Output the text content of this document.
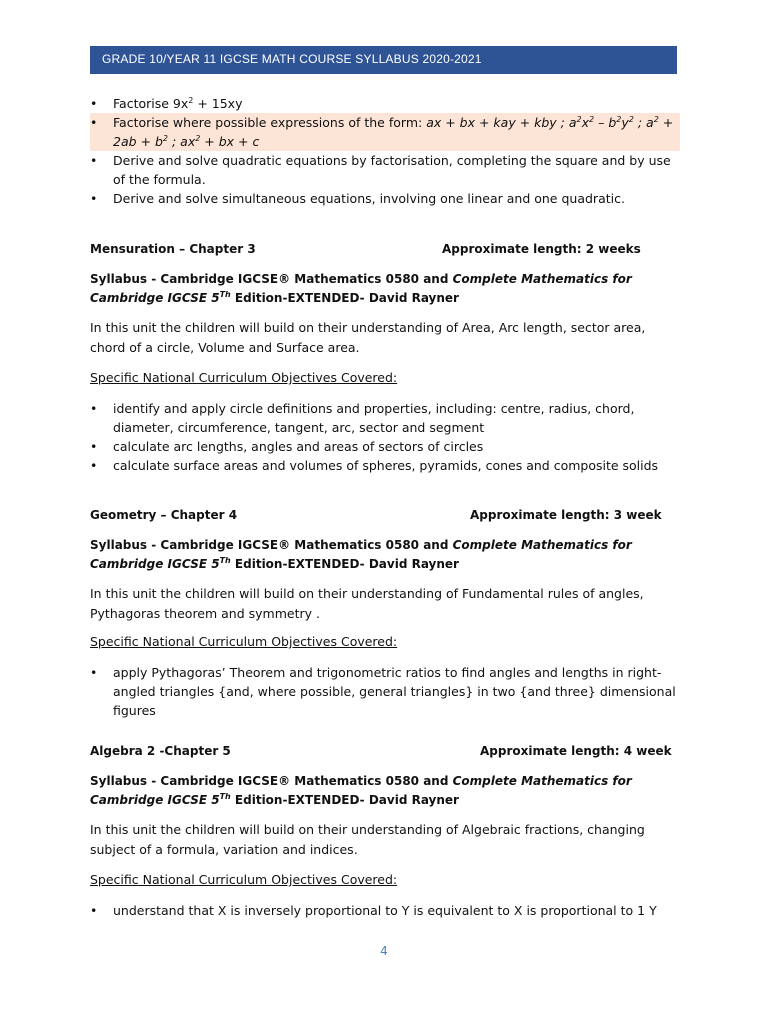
GRADE 10/YEAR 11 IGCSE MATH COURSE SYLLABUS 2020-2021
• Factorise $9x^2 + 15xy$
• Factorise where possible expressions of the form: ax + bx + kay + kby ; $a^2x^2 - b^2y^2$ ; $a^2 + 2ab + b^2$ ; $ax^2$ + bx + c
• Derive and solve quadratic equations by factorisation, completing the square and by use of the formula.
• Derive and solve simultaneous equations, involving one linear and one quadratic.
Mensuration – Chapter 3	Approximate length: 2 weeks
Syllabus - Cambridge IGCSE® Mathematics 0580 and Complete Mathematics for Cambridge IGCSE 5Th Edition-EXTENDED- David Rayner
In this unit the children will build on their understanding of Area, Arc length, sector area, chord of a circle, Volume and Surface area.
Specific National Curriculum Objectives Covered:
• identify and apply circle definitions and properties, including: centre, radius, chord, diameter, circumference, tangent, arc, sector and segment
• calculate arc lengths, angles and areas of sectors of circles
• calculate surface areas and volumes of spheres, pyramids, cones and composite solids
Geometry – Chapter 4	Approximate length: 3 week
Syllabus - Cambridge IGCSE® Mathematics 0580 and Complete Mathematics for Cambridge IGCSE 5Th Edition-EXTENDED- David Rayner
In this unit the children will build on their understanding of Fundamental rules of angles, Pythagoras theorem and symmetry .
Specific National Curriculum Objectives Covered:
• apply Pythagoras’ Theorem and trigonometric ratios to find angles and lengths in right-angled triangles {and, where possible, general triangles} in two {and three} dimensional figures
Algebra 2 -Chapter 5	Approximate length: 4 week
Syllabus - Cambridge IGCSE® Mathematics 0580 and Complete Mathematics for Cambridge IGCSE 5Th Edition-EXTENDED- David Rayner
In this unit the children will build on their understanding of Algebraic fractions, changing subject of a formula, variation and indices.
Specific National Curriculum Objectives Covered:
• understand that X is inversely proportional to Y is equivalent to X is proportional to 1 Y
4
